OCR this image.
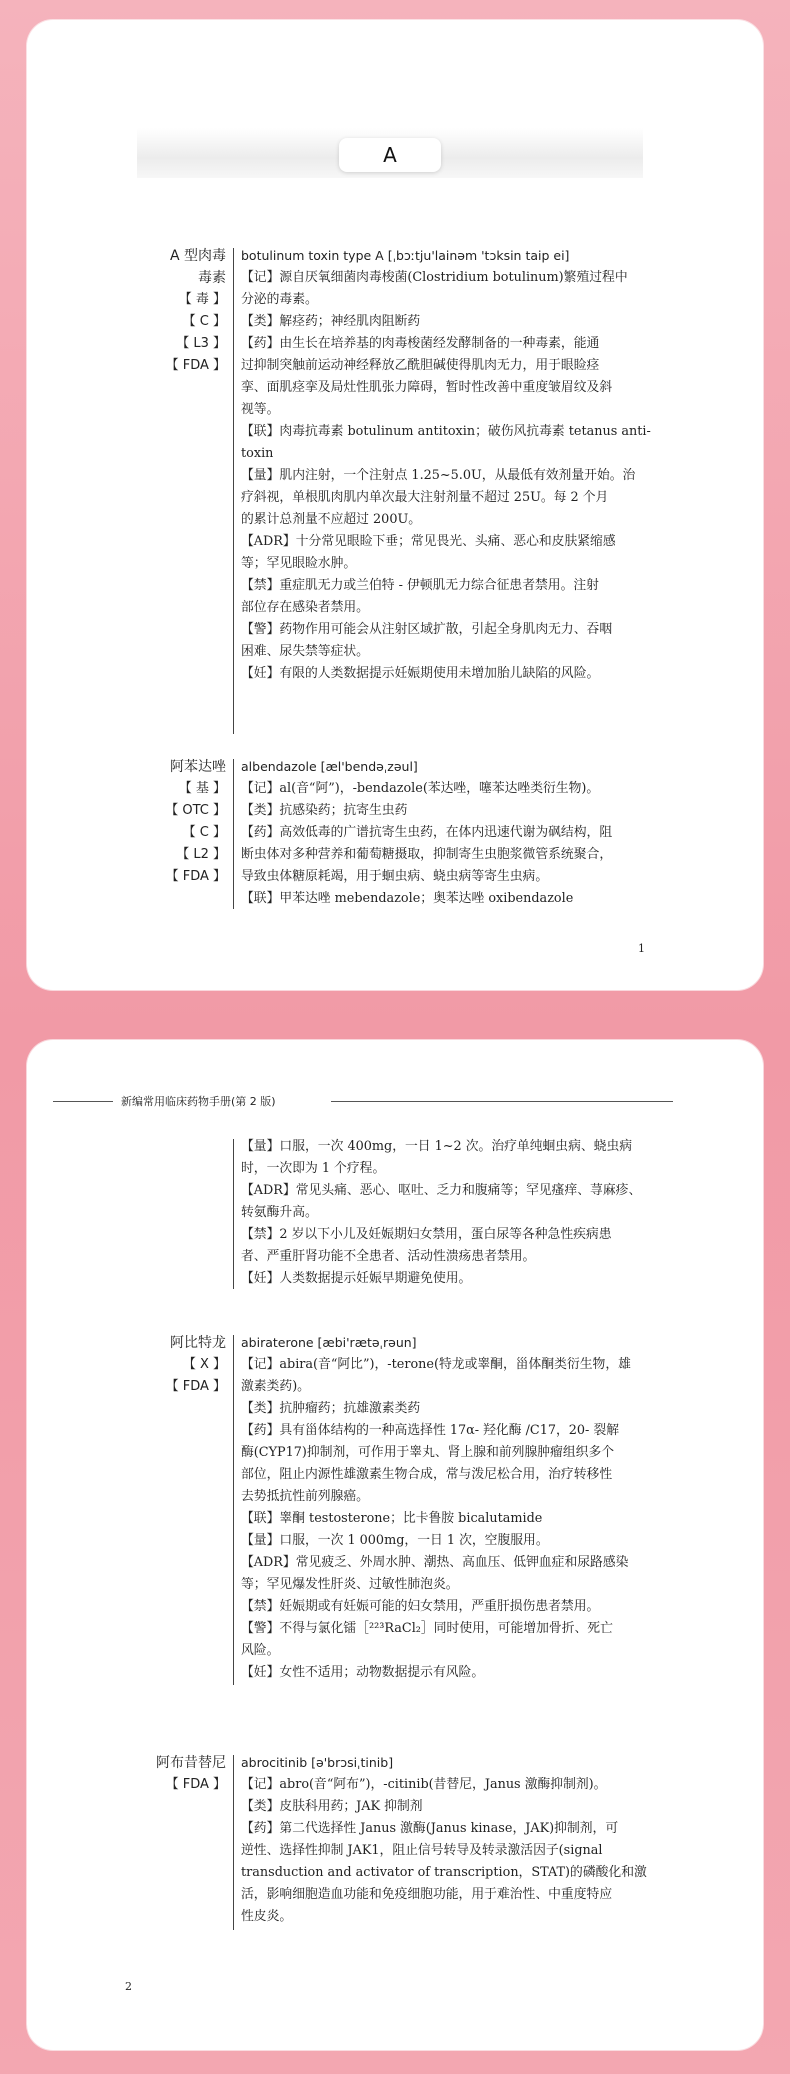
A
A 型肉毒
毒素
【 毒 】
【 C 】
【 L3 】
【 FDA 】

botulinum toxin type A [ˌbɔːtju'lainəm 'tɔksin taip ei]

【记】源自厌氧细菌肉毒梭菌(Clostridium botulinum)繁殖过程中

分泌的毒素。

【类】解痉药；神经肌肉阻断药

【药】由生长在培养基的肉毒梭菌经发酵制备的一种毒素，能通

过抑制突触前运动神经释放乙酰胆碱使得肌肉无力，用于眼睑痉

挛、面肌痉挛及局灶性肌张力障碍，暂时性改善中重度皱眉纹及斜

视等。

【联】肉毒抗毒素 botulinum antitoxin；破伤风抗毒素 tetanus anti-

toxin

【量】肌内注射，一个注射点 1.25~5.0U，从最低有效剂量开始。治

疗斜视，单根肌肉肌内单次最大注射剂量不超过 25U。每 2 个月

的累计总剂量不应超过 200U。

【ADR】十分常见眼睑下垂；常见畏光、头痛、恶心和皮肤紧缩感

等；罕见眼睑水肿。

【禁】重症肌无力或兰伯特 - 伊顿肌无力综合征患者禁用。注射

部位存在感染者禁用。

【警】药物作用可能会从注射区域扩散，引起全身肌肉无力、吞咽

困难、尿失禁等症状。

【妊】有限的人类数据提示妊娠期使用未增加胎儿缺陷的风险。

阿苯达唑
【 基 】
【 OTC 】
【 C 】
【 L2 】
【 FDA 】

albendazole [æl'bendəˌzəul]

【记】al(音“阿”)，-bendazole(苯达唑，噻苯达唑类衍生物)。

【类】抗感染药；抗寄生虫药

【药】高效低毒的广谱抗寄生虫药，在体内迅速代谢为砜结构，阻

断虫体对多种营养和葡萄糖摄取，抑制寄生虫胞浆微管系统聚合，

导致虫体糖原耗竭，用于蛔虫病、蛲虫病等寄生虫病。

【联】甲苯达唑 mebendazole；奥苯达唑 oxibendazole

1
新编常用临床药物手册(第 2 版)

【量】口服，一次 400mg，一日 1~2 次。治疗单纯蛔虫病、蛲虫病

时，一次即为 1 个疗程。

【ADR】常见头痛、恶心、呕吐、乏力和腹痛等；罕见瘙痒、荨麻疹、

转氨酶升高。

【禁】2 岁以下小儿及妊娠期妇女禁用，蛋白尿等各种急性疾病患

者、严重肝肾功能不全患者、活动性溃疡患者禁用。

【妊】人类数据提示妊娠早期避免使用。

阿比特龙
【 X 】
【 FDA 】

abiraterone [æbi'rætəˌrəun]

【记】abira(音“阿比”)，-terone(特龙或睾酮，甾体酮类衍生物，雄

激素类药)。

【类】抗肿瘤药；抗雄激素类药

【药】具有甾体结构的一种高选择性 17α- 羟化酶 /C17，20- 裂解

酶(CYP17)抑制剂，可作用于睾丸、肾上腺和前列腺肿瘤组织多个

部位，阻止内源性雄激素生物合成，常与泼尼松合用，治疗转移性

去势抵抗性前列腺癌。

【联】睾酮 testosterone；比卡鲁胺 bicalutamide

【量】口服，一次 1 000mg，一日 1 次，空腹服用。

【ADR】常见疲乏、外周水肿、潮热、高血压、低钾血症和尿路感染

等；罕见爆发性肝炎、过敏性肺泡炎。

【禁】妊娠期或有妊娠可能的妇女禁用，严重肝损伤患者禁用。

【警】不得与氯化镭［²²³RaCl₂］同时使用，可能增加骨折、死亡

风险。

【妊】女性不适用；动物数据提示有风险。

阿布昔替尼
【 FDA 】

abrocitinib [ə'brɔsiˌtinib]

【记】abro(音“阿布”)，-citinib(昔替尼，Janus 激酶抑制剂)。

【类】皮肤科用药；JAK 抑制剂

【药】第二代选择性 Janus 激酶(Janus kinase，JAK)抑制剂，可

逆性、选择性抑制 JAK1，阻止信号转导及转录激活因子(signal

transduction and activator of transcription，STAT)的磷酸化和激

活，影响细胞造血功能和免疫细胞功能，用于难治性、中重度特应

性皮炎。

2
